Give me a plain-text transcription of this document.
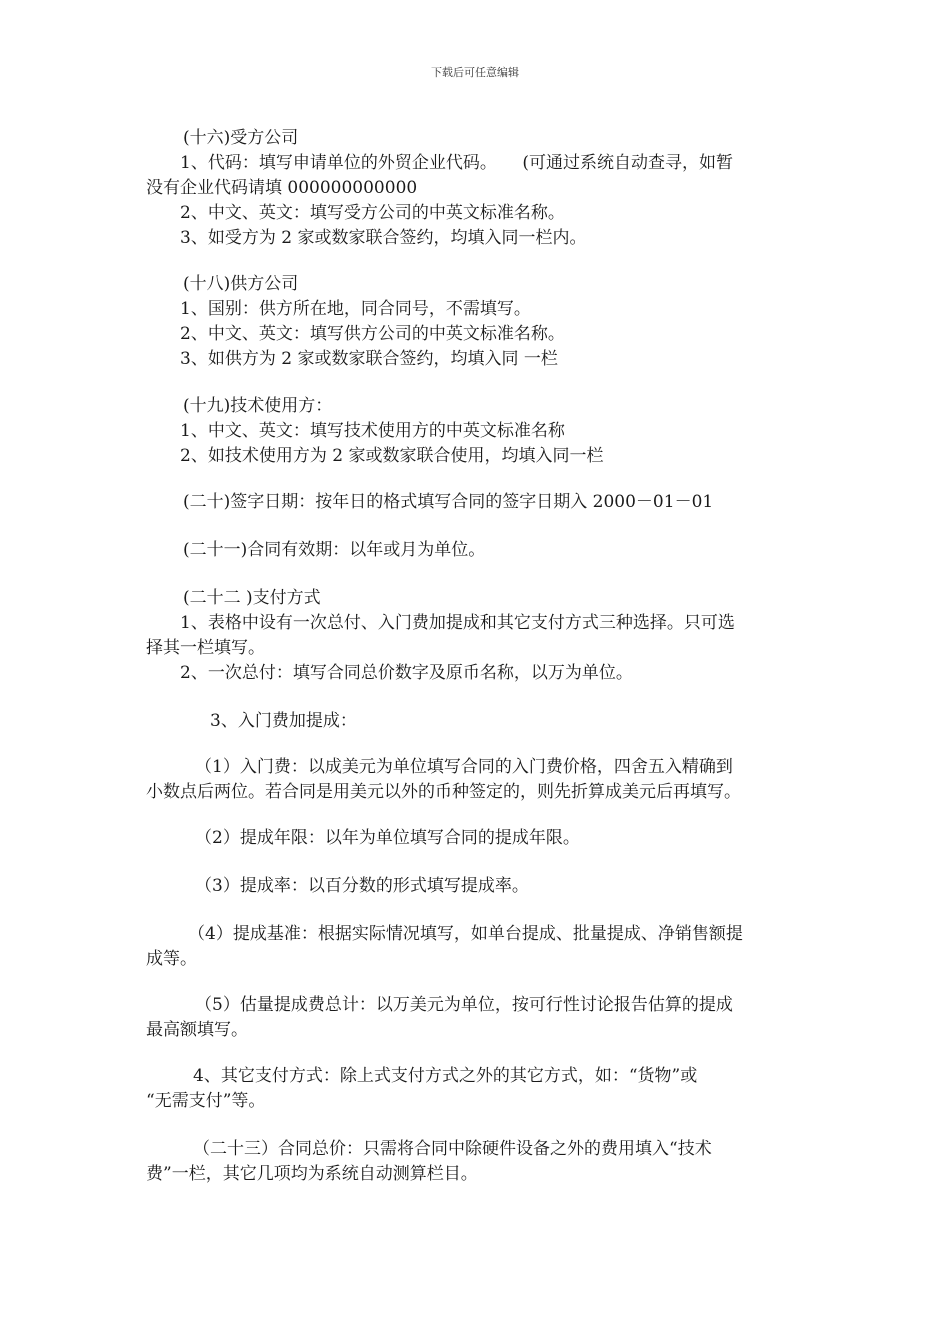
下载后可任意编辑
(十六)受方公司
1、代码：填写申请单位的外贸企业代码。　　(可通过系统自动查寻，如暂
没有企业代码请填 000000000000
2、中文、英文：填写受方公司的中英文标准名称。
3、如受方为 2 家或数家联合签约，均填入同一栏内。
(十八)供方公司
1、国别：供方所在地，同合同号，不需填写。
2、中文、英文：填写供方公司的中英文标准名称。
3、如供方为 2 家或数家联合签约，均填入同 一栏
(十九)技术使用方：
1、中文、英文：填写技术使用方的中英文标准名称
2、如技术使用方为 2 家或数家联合使用，均填入同一栏
(二十)签字日期：按年日的格式填写合同的签字日期入 2000－01－01
(二十一)合同有效期：以年或月为单位。
(二十二 )支付方式
1、表格中设有一次总付、入门费加提成和其它支付方式三种选择。只可选
择其一栏填写。
2、一次总付：填写合同总价数字及原币名称，以万为单位。
3、入门费加提成：
（1）入门费：以成美元为单位填写合同的入门费价格，四舍五入精确到
小数点后两位。若合同是用美元以外的币种签定的，则先折算成美元后再填写。
（2）提成年限：以年为单位填写合同的提成年限。
（3）提成率：以百分数的形式填写提成率。
（4）提成基准：根据实际情况填写，如单台提成、批量提成、净销售额提
成等。
（5）估量提成费总计：以万美元为单位，按可行性讨论报告估算的提成
最高额填写。
4、其它支付方式：除上式支付方式之外的其它方式，如：“货物”或
“无需支付”等。
（二十三）合同总价：只需将合同中除硬件设备之外的费用填入“技术
费”一栏，其它几项均为系统自动测算栏目。
